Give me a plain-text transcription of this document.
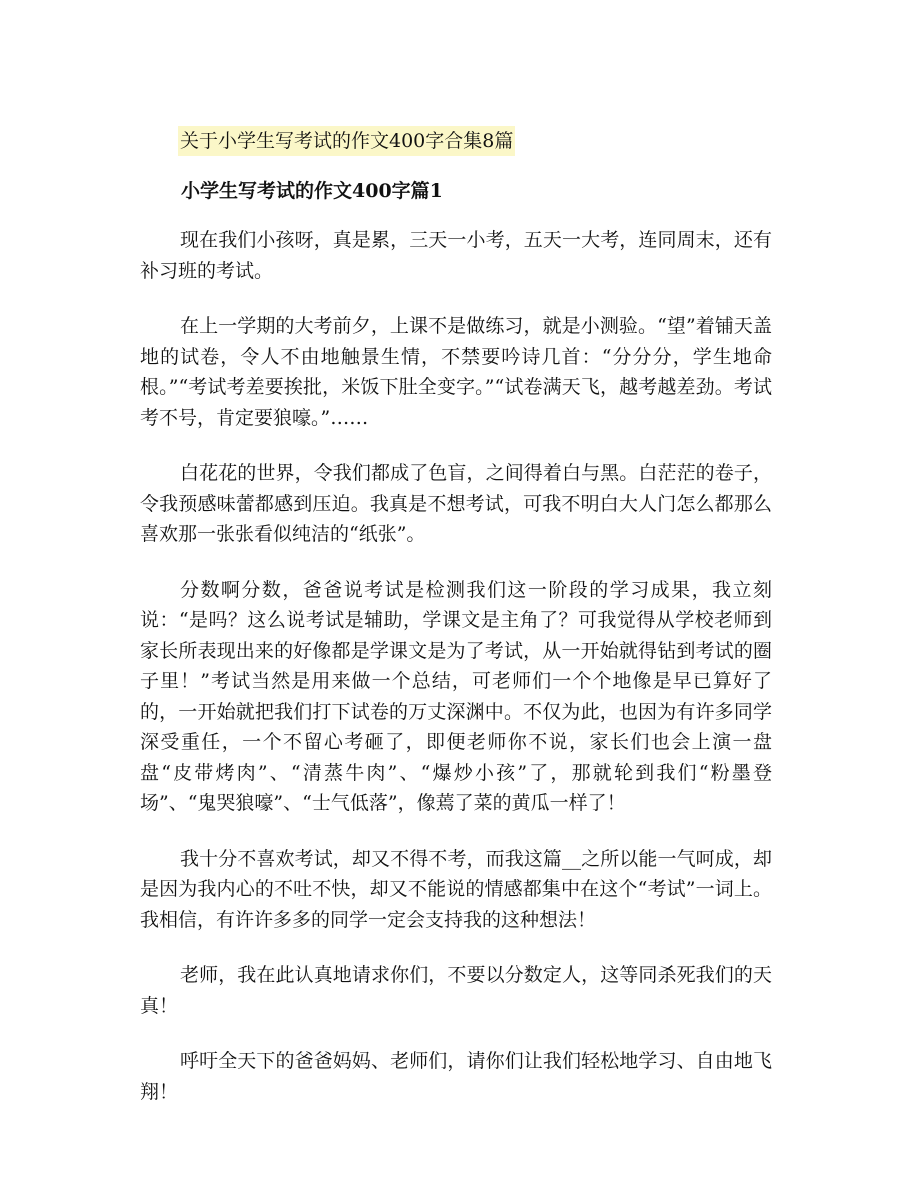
关于小学生写考试的作文400字合集8篇
小学生写考试的作文400字篇1

现在我们小孩呀，真是累，三天一小考，五天一大考，连同周末，还有补习班的考试。

在上一学期的大考前夕，上课不是做练习，就是小测验。“望”着铺天盖地的试卷，令人不由地触景生情，不禁要吟诗几首：“分分分，学生地命根。”“考试考差要挨批，米饭下肚全变字。”“试卷满天飞，越考越差劲。考试考不号，肯定要狼嚎。”……

白花花的世界，令我们都成了色盲，之间得着白与黑。白茫茫的卷子，令我预感味蕾都感到压迫。我真是不想考试，可我不明白大人门怎么都那么喜欢那一张张看似纯洁的“纸张”。

分数啊分数，爸爸说考试是检测我们这一阶段的学习成果，我立刻说：“是吗？这么说考试是辅助，学课文是主角了？可我觉得从学校老师到家长所表现出来的好像都是学课文是为了考试，从一开始就得钻到考试的圈子里！”考试当然是用来做一个总结，可老师们一个个地像是早已算好了的，一开始就把我们打下试卷的万丈深渊中。不仅为此，也因为有许多同学深受重任，一个不留心考砸了，即便老师你不说，家长们也会上演一盘盘“皮带烤肉”、“清蒸牛肉”、“爆炒小孩”了，那就轮到我们“粉墨登场”、“鬼哭狼嚎”、“士气低落”，像蔫了菜的黄瓜一样了！

我十分不喜欢考试，却又不得不考，而我这篇__之所以能一气呵成，却是因为我内心的不吐不快，却又不能说的情感都集中在这个“考试”一词上。我相信，有许许多多的同学一定会支持我的这种想法！

老师，我在此认真地请求你们，不要以分数定人，这等同杀死我们的天真！

呼吁全天下的爸爸妈妈、老师们，请你们让我们轻松地学习、自由地飞翔！
